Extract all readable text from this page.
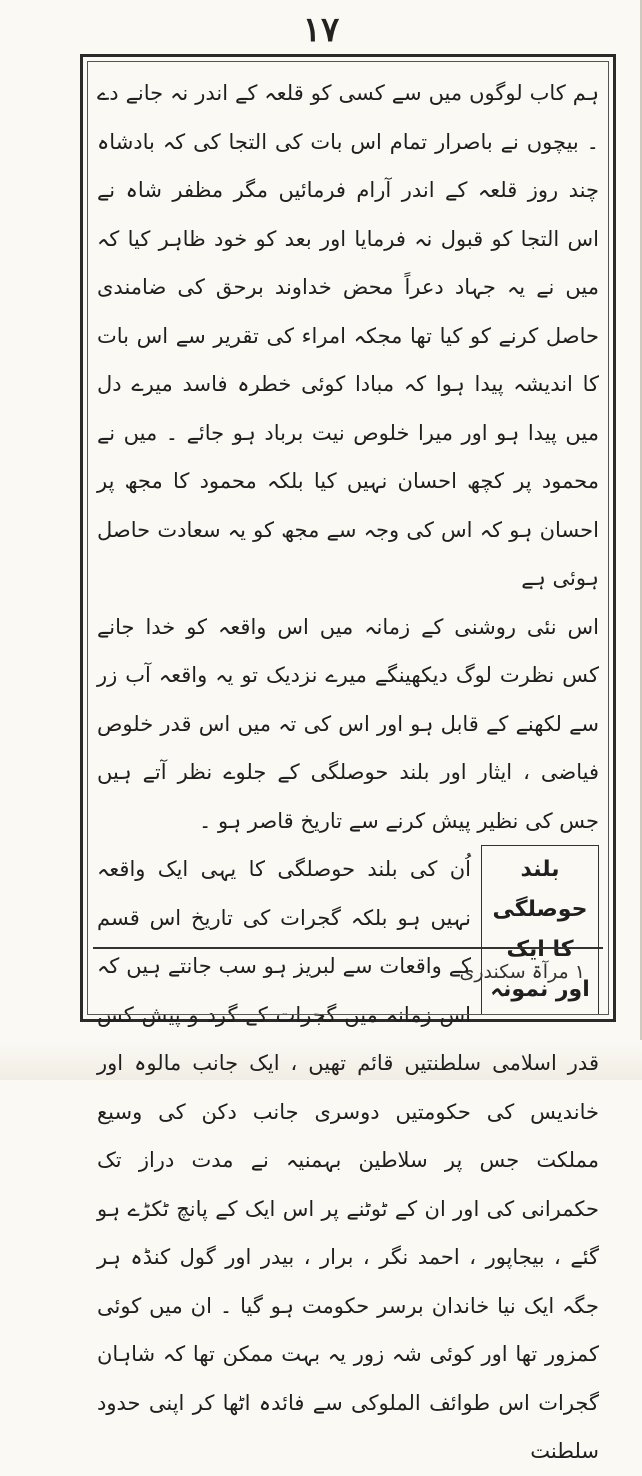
۱۷

ہم کاب لوگوں میں سے کسی کو قلعہ کے اندر نہ جانے دے ۔ بیچوں نے باصرار تمام اس بات کی التجا کی کہ بادشاہ چند روز قلعہ کے اندر آرام فرمائیں مگر مظفر شاہ نے اس التجا کو قبول نہ فرمایا اور بعد کو خود ظاہر کیا کہ میں نے یہ جہاد دعراً محض خداوند برحق کی ضامندی حاصل کرنے کو کیا تھا مجکہ امراء کی تقریر سے اس بات کا اندیشہ پیدا ہوا کہ مبادا کوئی خطرہ فاسد میرے دل میں پیدا ہو اور میرا خلوص نیت برباد ہو جائے ۔ میں نے محمود پر کچھ احسان نہیں کیا بلکہ محمود کا مجھ پر احسان ہو کہ اس کی وجہ سے مجھ کو یہ سعادت حاصل ہوئی ہے

اس نئی روشنی کے زمانہ میں اس واقعہ کو خدا جانے کس نظرت لوگ دیکھینگے میرے نزدیک تو یہ واقعہ آب زر سے لکھنے کے قابل ہو اور اس کی تہ میں اس قدر خلوص فیاضی ، ایثار اور بلند حوصلگی کے جلوے نظر آتے ہیں جس کی نظیر پیش کرنے سے تاریخ قاصر ہو ۔

بلند حوصلگی کا ایک اور نمونہ

اُن کی بلند حوصلگی کا یہی ایک واقعہ نہیں ہو بلکہ گجرات کی تاریخ اس قسم کے واقعات سے لبریز ہو سب جانتے ہیں کہ اس زمانہ میں گجرات کے گرد و پیش کس قدر اسلامی سلطنتیں قائم تھیں ، ایک جانب مالوہ اور خاندیس کی حکومتیں دوسری جانب دکن کی وسیع مملکت جس پر سلاطین بہمنیہ نے مدت دراز تک حکمرانی کی اور ان کے ٹوٹنے پر اس ایک کے پانچ ٹکڑے ہو گئے ، بیجاپور ، احمد نگر ، برار ، بیدر اور گول کنڈہ ہر جگہ ایک نیا خاندان برسر حکومت ہو گیا ۔ ان میں کوئی کمزور تھا اور کوئی شہ زور یہ بہت ممکن تھا کہ شاہان گجرات اس طوائف الملوکی سے فائدہ اٹھا کر اپنی حدود سلطنت

۱ مرآۃ سکندری
